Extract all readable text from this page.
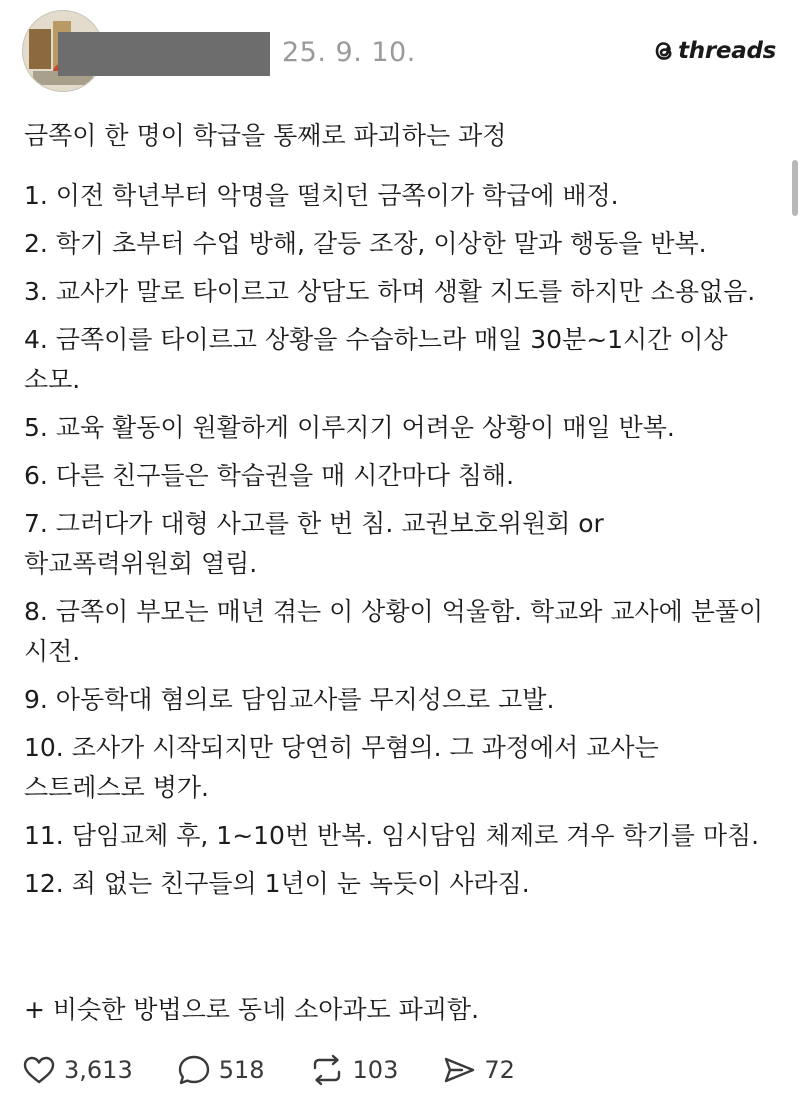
25. 9. 10.	threads

금쪽이 한 명이 학급을 통째로 파괴하는 과정

1. 이전 학년부터 악명을 떨치던 금쪽이가 학급에 배정.
2. 학기 초부터 수업 방해, 갈등 조장, 이상한 말과 행동을 반복.
3. 교사가 말로 타이르고 상담도 하며 생활 지도를 하지만 소용없음.
4. 금쪽이를 타이르고 상황을 수습하느라 매일 30분~1시간 이상 소모.
5. 교육 활동이 원활하게 이루지기 어려운 상황이 매일 반복.
6. 다른 친구들은 학습권을 매 시간마다 침해.
7. 그러다가 대형 사고를 한 번 침. 교권보호위원회 or 학교폭력위원회 열림.
8. 금쪽이 부모는 매년 겪는 이 상황이 억울함. 학교와 교사에 분풀이 시전.
9. 아동학대 혐의로 담임교사를 무지성으로 고발.
10. 조사가 시작되지만 당연히 무혐의. 그 과정에서 교사는 스트레스로 병가.
11. 담임교체 후, 1~10번 반복. 임시담임 체제로 겨우 학기를 마침.
12. 죄 없는 친구들의 1년이 눈 녹듯이 사라짐.

+ 비슷한 방법으로 동네 소아과도 파괴함.

3,613	518	103	72
